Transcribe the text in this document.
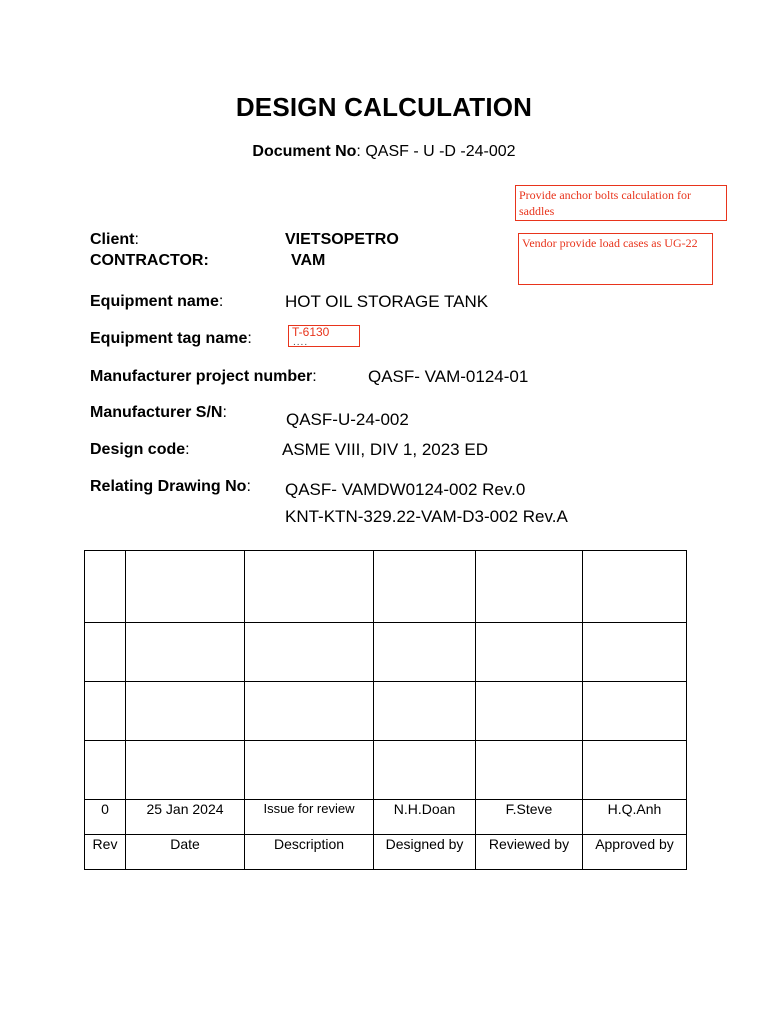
DESIGN CALCULATION
Document No: QASF - U -D -24-002
Provide anchor bolts calculation for saddles
Vendor provide load cases as UG-22
Client:	VIETSOPETRO
CONTRACTOR:	VAM
Equipment name:	HOT OIL STORAGE TANK
Equipment tag name:	T-6130
....
Manufacturer project number:	QASF- VAM-0124-01
Manufacturer S/N:	QASF-U-24-002
Design code:	ASME VIII, DIV 1, 2023 ED
Relating Drawing No: QASF- VAMDW0124-002 Rev.0
KNT-KTN-329.22-VAM-D3-002 Rev.A

0	25 Jan 2024	Issue for review	N.H.Doan	F.Steve	H.Q.Anh
Rev	Date	Description	Designed by	Reviewed by	Approved by
